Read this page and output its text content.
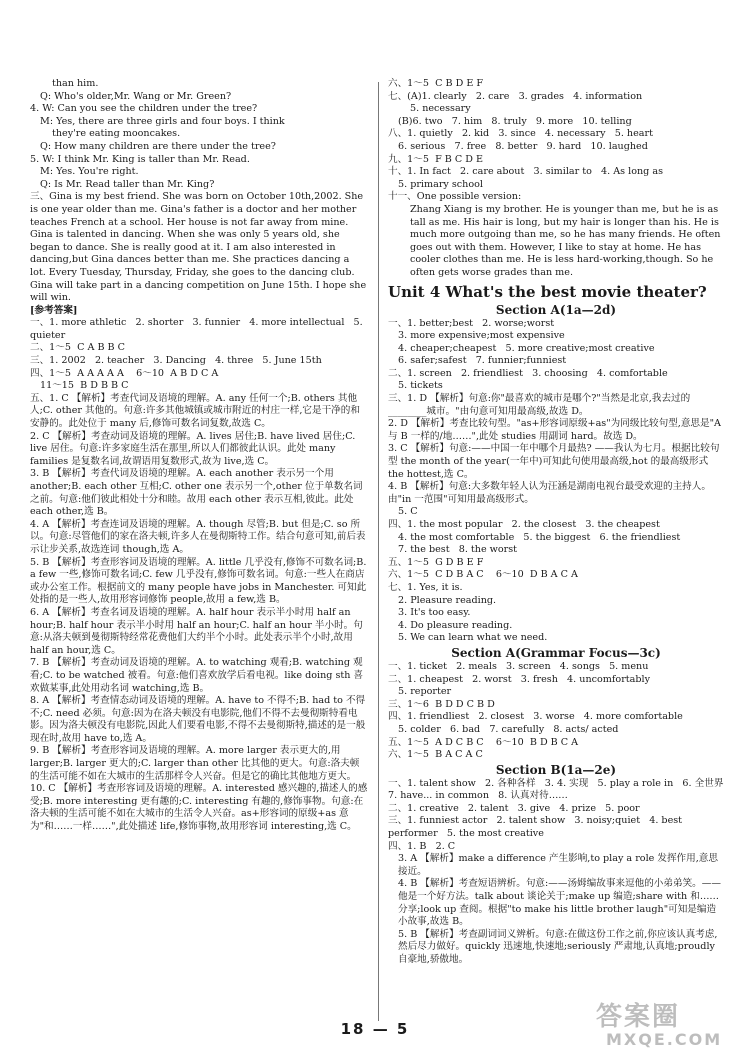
than him.

Q: Who's older,Mr. Wang or Mr. Green?

4. W: Can you see the children under the tree?

M: Yes, there are three girls and four boys. I think

they're eating mooncakes.

Q: How many children are there under the tree?

5. W: I think Mr. King is taller than Mr. Read.

M: Yes. You're right.

Q: Is Mr. Read taller than Mr. King?

三、Gina is my best friend. She was born on October 10th,2002. She is one year older than me. Gina's father is a doctor and her mother teaches French at a school. Her house is not far away from mine. Gina is talented in dancing. When she was only 5 years old, she began to dance. She is really good at it. I am also interested in dancing,but Gina dances better than me. She practices dancing a lot. Every Tuesday, Thursday, Friday, she goes to the dancing club. Gina will take part in a dancing competition on June 15th. I hope she will win.

[参考答案]

一、1. more athletic   2. shorter   3. funnier   4. more intellectual   5. quieter

二、1～5  C A B B C

三、1. 2002   2. teacher   3. Dancing   4. three   5. June 15th

四、1～5  A A A A A    6～10  A B D C A

11～15  B D B B C

五、1. C 【解析】考查代词及语境的理解。A. any 任何一个;B. others 其他人;C. other 其他的。句意:许多其他城镇或城市附近的村庄一样,它是干净的和安静的。此处位于 many 后,修饰可数名词复数,故选 C。

2. C 【解析】考查动词及语境的理解。A. lives 居住;B. have lived 居住;C. live 居住。句意:许多家庭生活在那里,所以人们都彼此认识。此处 many families 是复数名词,故谓语用复数形式,故为 live,选 C。

3. B 【解析】考查代词及语境的理解。A. each another 表示另一个用 another;B. each other 互相;C. other one 表示另一个,other 位于单数名词之前。句意:他们彼此相处十分和睦。故用 each other 表示互相,彼此。此处 each other,选 B。

4. A 【解析】考查连词及语境的理解。A. though 尽管;B. but 但是;C. so 所以。句意:尽管他们的家在洛夫顿,许多人在曼彻斯特工作。结合句意可知,前后表示让步关系,故选连词 though,选 A。

5. B 【解析】考查形容词及语境的理解。A. little 几乎没有,修饰不可数名词;B. a few 一些,修饰可数名词;C. few 几乎没有,修饰可数名词。句意:一些人在商店或办公室工作。根据前文的 many people have jobs in Manchester. 可知此处指的是一些人,故用形容词修饰 people,故用 a few,选 B。

6. A 【解析】考查名词及语境的理解。A. half hour 表示半小时用 half an hour;B. half hour 表示半小时用 half an hour;C. half an hour 半小时。句意:从洛夫顿到曼彻斯特经常花费他们大约半个小时。此处表示半个小时,故用 half an hour,选 C。

7. B 【解析】考查动词及语境的理解。A. to watching 观看;B. watching 观看;C. to be watched 被看。句意:他们喜欢放学后看电视。like doing sth 喜欢做某事,此处用动名词 watching,选 B。

8. A 【解析】考查情态动词及语境的理解。A. have to 不得不;B. had to 不得不;C. need 必须。句意:因为在洛夫顿没有电影院,他们不得不去曼彻斯特看电影。因为洛夫顿没有电影院,因此人们要看电影,不得不去曼彻斯特,描述的是一般现在时,故用 have to,选 A。

9. B 【解析】考查形容词及语境的理解。A. more larger 表示更大的,用 larger;B. larger 更大的;C. larger than other 比其他的更大。句意:洛夫顿的生活可能不如在大城市的生活那样令人兴奋。但是它的确比其他地方更大。

10. C 【解析】考查形容词及语境的理解。A. interested 感兴趣的,描述人的感受;B. more interesting 更有趣的;C. interesting 有趣的,修饰事物。句意:在洛夫顿的生活可能不如在大城市的生活令人兴奋。as+形容词的原级+as 意为"和……一样……",此处描述 life,修饰事物,故用形容词 interesting,选 C。

六、1～5  C B D E F

七、(A)1. clearly   2. care   3. grades   4. information

5. necessary

(B)6. two   7. him   8. truly   9. more   10. telling

八、1. quietly   2. kid   3. since   4. necessary   5. heart

6. serious   7. free   8. better   9. hard   10. laughed

九、1～5  F B C D E

十、1. In fact   2. care about   3. similar to   4. As long as

5. primary school

十一、One possible version:

Zhang Xiang is my brother. He is younger than me, but he is as tall as me. His hair is long, but my hair is longer than his. He is much more outgoing than me, so he has many friends. He often goes out with them. However, I like to stay at home. He has cooler clothes than me. He is less hard-working,though. So he often gets worse grades than me.

Unit 4 What's the best movie theater?
Section A(1a—2d)

一、1. better;best   2. worse;worst

3. more expensive;most expensive

4. cheaper;cheapest   5. more creative;most creative

6. safer;safest   7. funnier;funniest

二、1. screen   2. friendliest   3. choosing   4. comfortable

5. tickets

三、1. D 【解析】句意:你"最喜欢的城市是哪个?"当然是北京,我去过的________城市。"由句意可知用最高级,故选 D。

2. D 【解析】考查比较句型。"as+形容词原级+as"为同级比较句型,意思是"A 与 B 一样的/地……",此处 studies 用副词 hard。故选 D。

3. C 【解析】句意:——中国一年中哪个月最热? ——我认为七月。根据比较句型 the month of the year(一年中)可知此句使用最高级,hot 的最高级形式 the hottest,选 C。

4. B 【解析】句意:大多数年轻人认为汪涵是湖南电视台最受欢迎的主持人。由"in 一范围"可知用最高级形式。

5. C

四、1. the most popular   2. the closest   3. the cheapest

4. the most comfortable   5. the biggest   6. the friendliest

7. the best   8. the worst

五、1～5  G D B E F

六、1～5  C D B A C    6～10  D B A C A

七、1. Yes, it is.

2. Pleasure reading.

3. It's too easy.

4. Do pleasure reading.

5. We can learn what we need.

Section A(Grammar Focus—3c)

一、1. ticket   2. meals   3. screen   4. songs   5. menu

二、1. cheapest   2. worst   3. fresh   4. uncomfortably

5. reporter

三、1～6  B D D C B D

四、1. friendliest   2. closest   3. worse   4. more comfortable

5. colder   6. bad   7. carefully   8. acts/ acted

五、1～5  A D C B C    6～10  B D B C A

六、1～5  B A C A C

Section B(1a—2e)

一、1. talent show   2. 各种各样   3. 4. 实现   5. play a role in   6. 全世界   7. have... in common   8. 认真对待……

二、1. creative   2. talent   3. give   4. prize   5. poor

三、1. funniest actor   2. talent show   3. noisy;quiet   4. best performer   5. the most creative

四、1. B   2. C

3. A 【解析】make a difference 产生影响,to play a role 发挥作用,意思接近。

4. B 【解析】考查短语辨析。句意:——汤姆编故事来逗他的小弟弟笑。——他是一个好方法。talk about 谈论关于;make up 编造;share with 和……分享;look up 查阅。根据"to make his little brother laugh"可知是编造小故事,故选 B。

5. B 【解析】考查副词词义辨析。句意:在做这份工作之前,你应该认真考虑,然后尽力做好。quickly 迅速地,快速地;seriously 严肃地,认真地;proudly 自豪地,骄傲地。

18 — 5	答案圈
MXQE.COM
